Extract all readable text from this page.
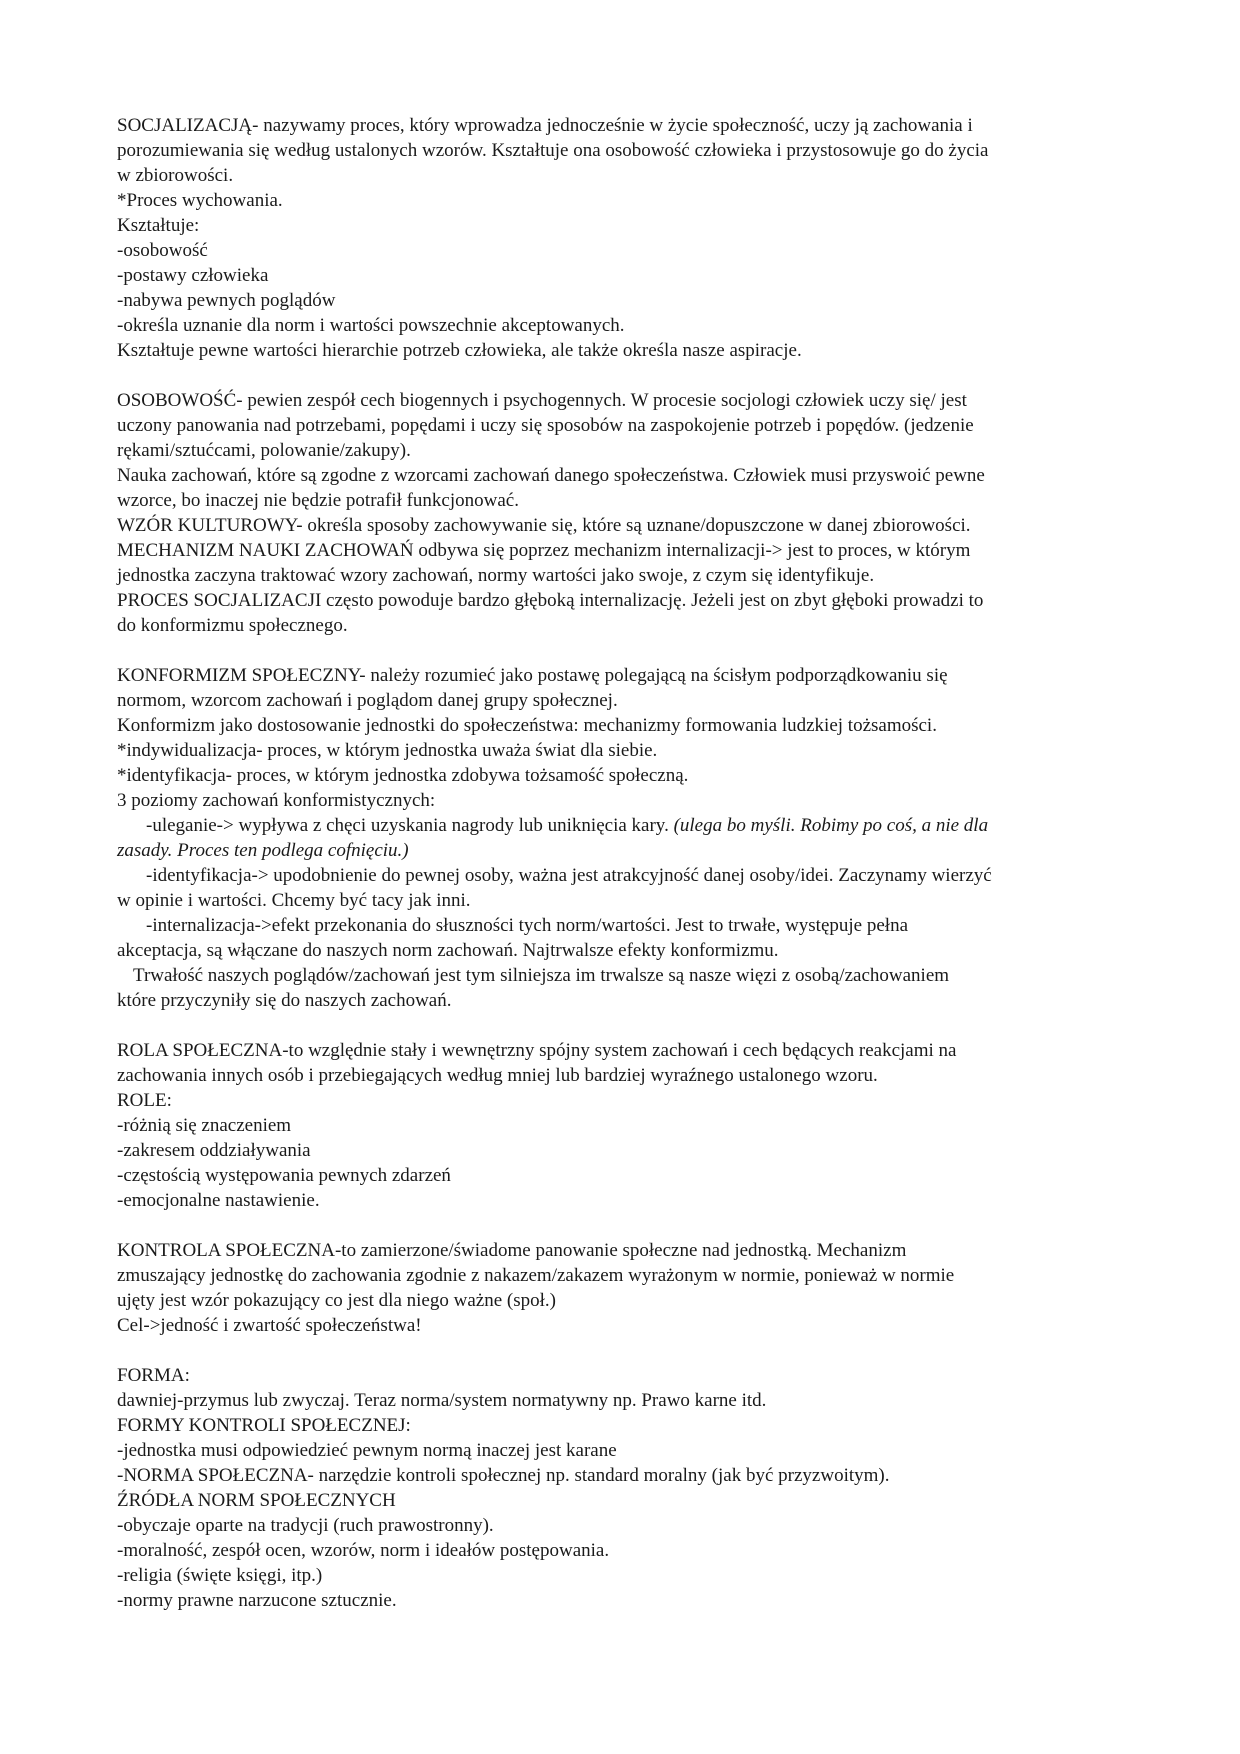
SOCJALIZACJĄ- nazywamy proces, który wprowadza jednocześnie w życie społeczność, uczy ją zachowania i

porozumiewania się według ustalonych wzorów. Kształtuje ona osobowość człowieka i przystosowuje go do życia

w zbiorowości.

*Proces wychowania.

Kształtuje:

-osobowość

-postawy człowieka

-nabywa pewnych poglądów

-określa uznanie dla norm i wartości powszechnie akceptowanych.

Kształtuje pewne wartości hierarchie potrzeb człowieka, ale także określa nasze aspiracje.

OSOBOWOŚĆ- pewien zespół cech biogennych i psychogennych. W procesie socjologi człowiek uczy się/ jest

uczony panowania nad potrzebami, popędami i uczy się sposobów na zaspokojenie potrzeb i popędów. (jedzenie

rękami/sztućcami, polowanie/zakupy).

Nauka zachowań, które są zgodne z wzorcami zachowań danego społeczeństwa. Człowiek musi przyswoić pewne

wzorce, bo inaczej nie będzie potrafił funkcjonować.

WZÓR KULTUROWY- określa sposoby zachowywanie się, które są uznane/dopuszczone w danej zbiorowości.

MECHANIZM NAUKI ZACHOWAŃ odbywa się poprzez mechanizm internalizacji-> jest to proces, w którym

jednostka zaczyna traktować wzory zachowań, normy wartości jako swoje, z czym się identyfikuje.

PROCES SOCJALIZACJI często powoduje bardzo głęboką internalizację. Jeżeli jest on zbyt głęboki prowadzi to

do konformizmu społecznego.

KONFORMIZM SPOŁECZNY- należy rozumieć jako postawę polegającą na ścisłym podporządkowaniu się

normom, wzorcom zachowań i poglądom danej grupy społecznej.

Konformizm jako dostosowanie jednostki do społeczeństwa: mechanizmy formowania ludzkiej tożsamości.

*indywidualizacja- proces, w którym jednostka uważa świat dla siebie.

*identyfikacja- proces, w którym jednostka zdobywa tożsamość społeczną.

3 poziomy zachowań konformistycznych:

-uleganie-> wypływa z chęci uzyskania nagrody lub uniknięcia kary. (ulega bo myśli. Robimy po coś, a nie dla

zasady. Proces ten podlega cofnięciu.)

-identyfikacja-> upodobnienie do pewnej osoby, ważna jest atrakcyjność danej osoby/idei. Zaczynamy wierzyć

w opinie i wartości. Chcemy być tacy jak inni.

-internalizacja->efekt przekonania do słuszności tych norm/wartości. Jest to trwałe, występuje pełna

akceptacja, są włączane do naszych norm zachowań. Najtrwalsze efekty konformizmu.

Trwałość naszych poglądów/zachowań jest tym silniejsza im trwalsze są nasze więzi z osobą/zachowaniem

które przyczyniły się do naszych zachowań.

ROLA SPOŁECZNA-to względnie stały i wewnętrzny spójny system zachowań i cech będących reakcjami na

zachowania innych osób i przebiegających według mniej lub bardziej wyraźnego ustalonego wzoru.

ROLE:

-różnią się znaczeniem

-zakresem oddziaływania

-częstością występowania pewnych zdarzeń

-emocjonalne nastawienie.

KONTROLA SPOŁECZNA-to zamierzone/świadome panowanie społeczne nad jednostką. Mechanizm

zmuszający jednostkę do zachowania zgodnie z nakazem/zakazem wyrażonym w normie, ponieważ w normie

ujęty jest wzór pokazujący co jest dla niego ważne (społ.)

Cel->jedność i zwartość społeczeństwa!

FORMA:

dawniej-przymus lub zwyczaj. Teraz norma/system normatywny np. Prawo karne itd.

FORMY KONTROLI SPOŁECZNEJ:

-jednostka musi odpowiedzieć pewnym normą inaczej jest karane

-NORMA SPOŁECZNA- narzędzie kontroli społecznej np. standard moralny (jak być przyzwoitym).

ŹRÓDŁA NORM SPOŁECZNYCH

-obyczaje oparte na tradycji (ruch prawostronny).

-moralność, zespół ocen, wzorów, norm i ideałów postępowania.

-religia (święte księgi, itp.)

-normy prawne narzucone sztucznie.
